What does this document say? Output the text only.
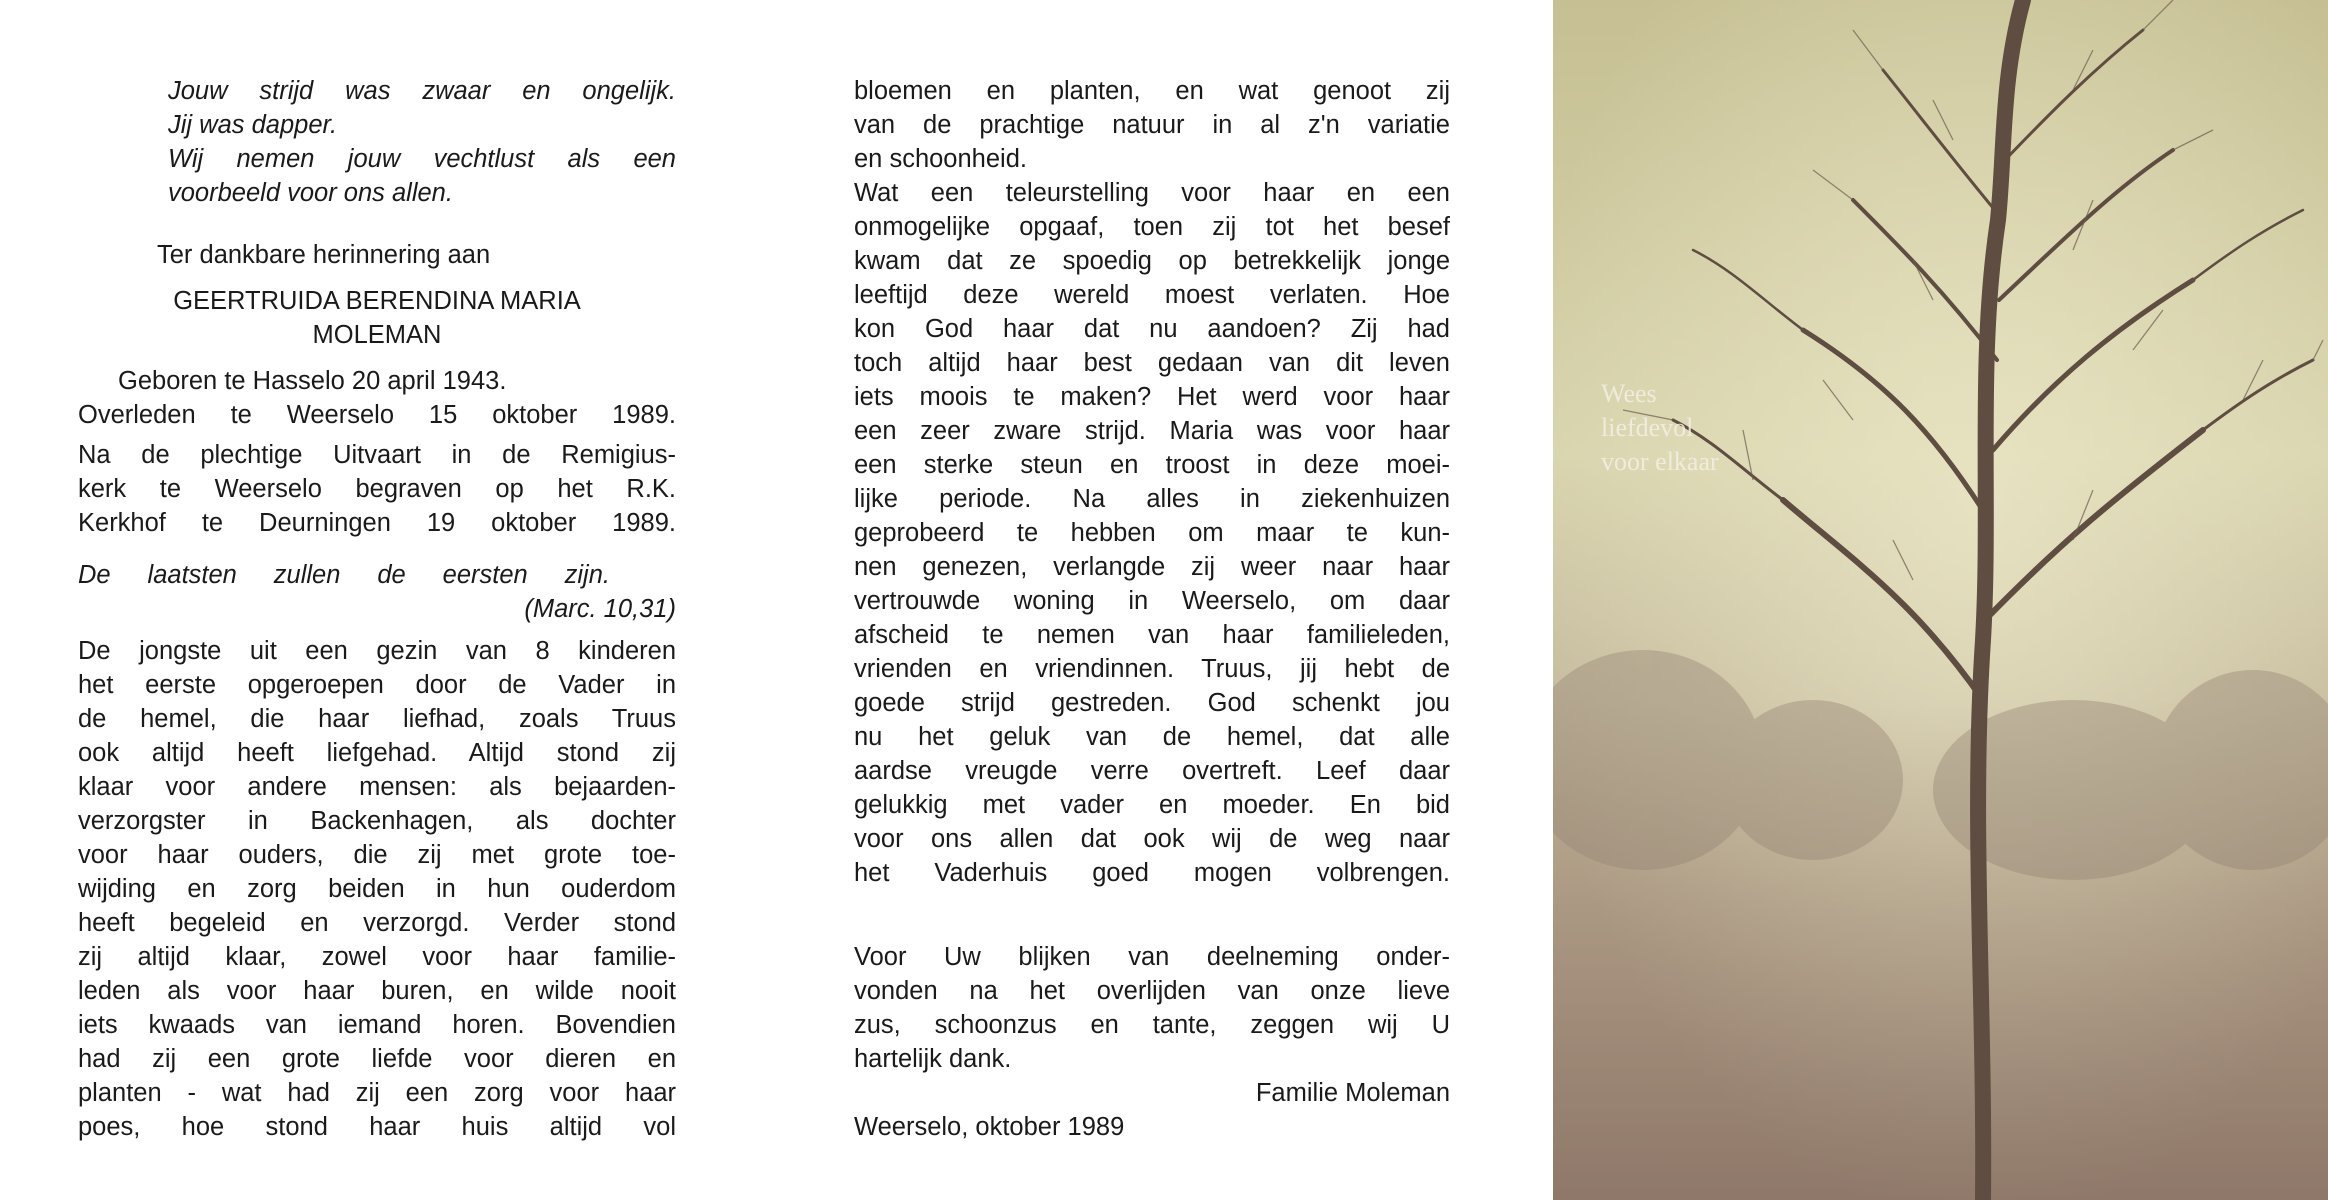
Jouw strijd was zwaar en ongelijk.
Jij was dapper.
Wij nemen jouw vechtlust als een
voorbeeld voor ons allen.
Ter dankbare herinnering aan
GEERTRUIDA BERENDINA MARIA
MOLEMAN
Geboren te Hasselo 20 april 1943.
Overleden te Weerselo 15 oktober 1989.
Na de plechtige Uitvaart in de Remigius-
kerk te Weerselo begraven op het R.K.
Kerkhof te Deurningen 19 oktober 1989.
De laatsten zullen de eersten zijn.
(Marc. 10,31)
De jongste uit een gezin van 8 kinderen
het eerste opgeroepen door de Vader in
de hemel, die haar liefhad, zoals Truus
ook altijd heeft liefgehad. Altijd stond zij
klaar voor andere mensen: als bejaarden-
verzorgster in Backenhagen, als dochter
voor haar ouders, die zij met grote toe-
wijding en zorg beiden in hun ouderdom
heeft begeleid en verzorgd. Verder stond
zij altijd klaar, zowel voor haar familie-
leden als voor haar buren, en wilde nooit
iets kwaads van iemand horen. Bovendien
had zij een grote liefde voor dieren en
planten - wat had zij een zorg voor haar
poes, hoe stond haar huis altijd vol
bloemen en planten, en wat genoot zij
van de prachtige natuur in al z'n variatie
en schoonheid.
Wat een teleurstelling voor haar en een
onmogelijke opgaaf, toen zij tot het besef
kwam dat ze spoedig op betrekkelijk jonge
leeftijd deze wereld moest verlaten. Hoe
kon God haar dat nu aandoen? Zij had
toch altijd haar best gedaan van dit leven
iets moois te maken? Het werd voor haar
een zeer zware strijd. Maria was voor haar
een sterke steun en troost in deze moei-
lijke periode. Na alles in ziekenhuizen
geprobeerd te hebben om maar te kun-
nen genezen, verlangde zij weer naar haar
vertrouwde woning in Weerselo, om daar
afscheid te nemen van haar familieleden,
vrienden en vriendinnen. Truus, jij hebt de
goede strijd gestreden. God schenkt jou
nu het geluk van de hemel, dat alle
aardse vreugde verre overtreft. Leef daar
gelukkig met vader en moeder. En bid
voor ons allen dat ook wij de weg naar
het Vaderhuis goed mogen volbrengen.
Voor Uw blijken van deelneming onder-
vonden na het overlijden van onze lieve
zus, schoonzus en tante, zeggen wij U
hartelijk dank.
Familie Moleman
Weerselo, oktober 1989
Wees
liefdevol
voor elkaar
